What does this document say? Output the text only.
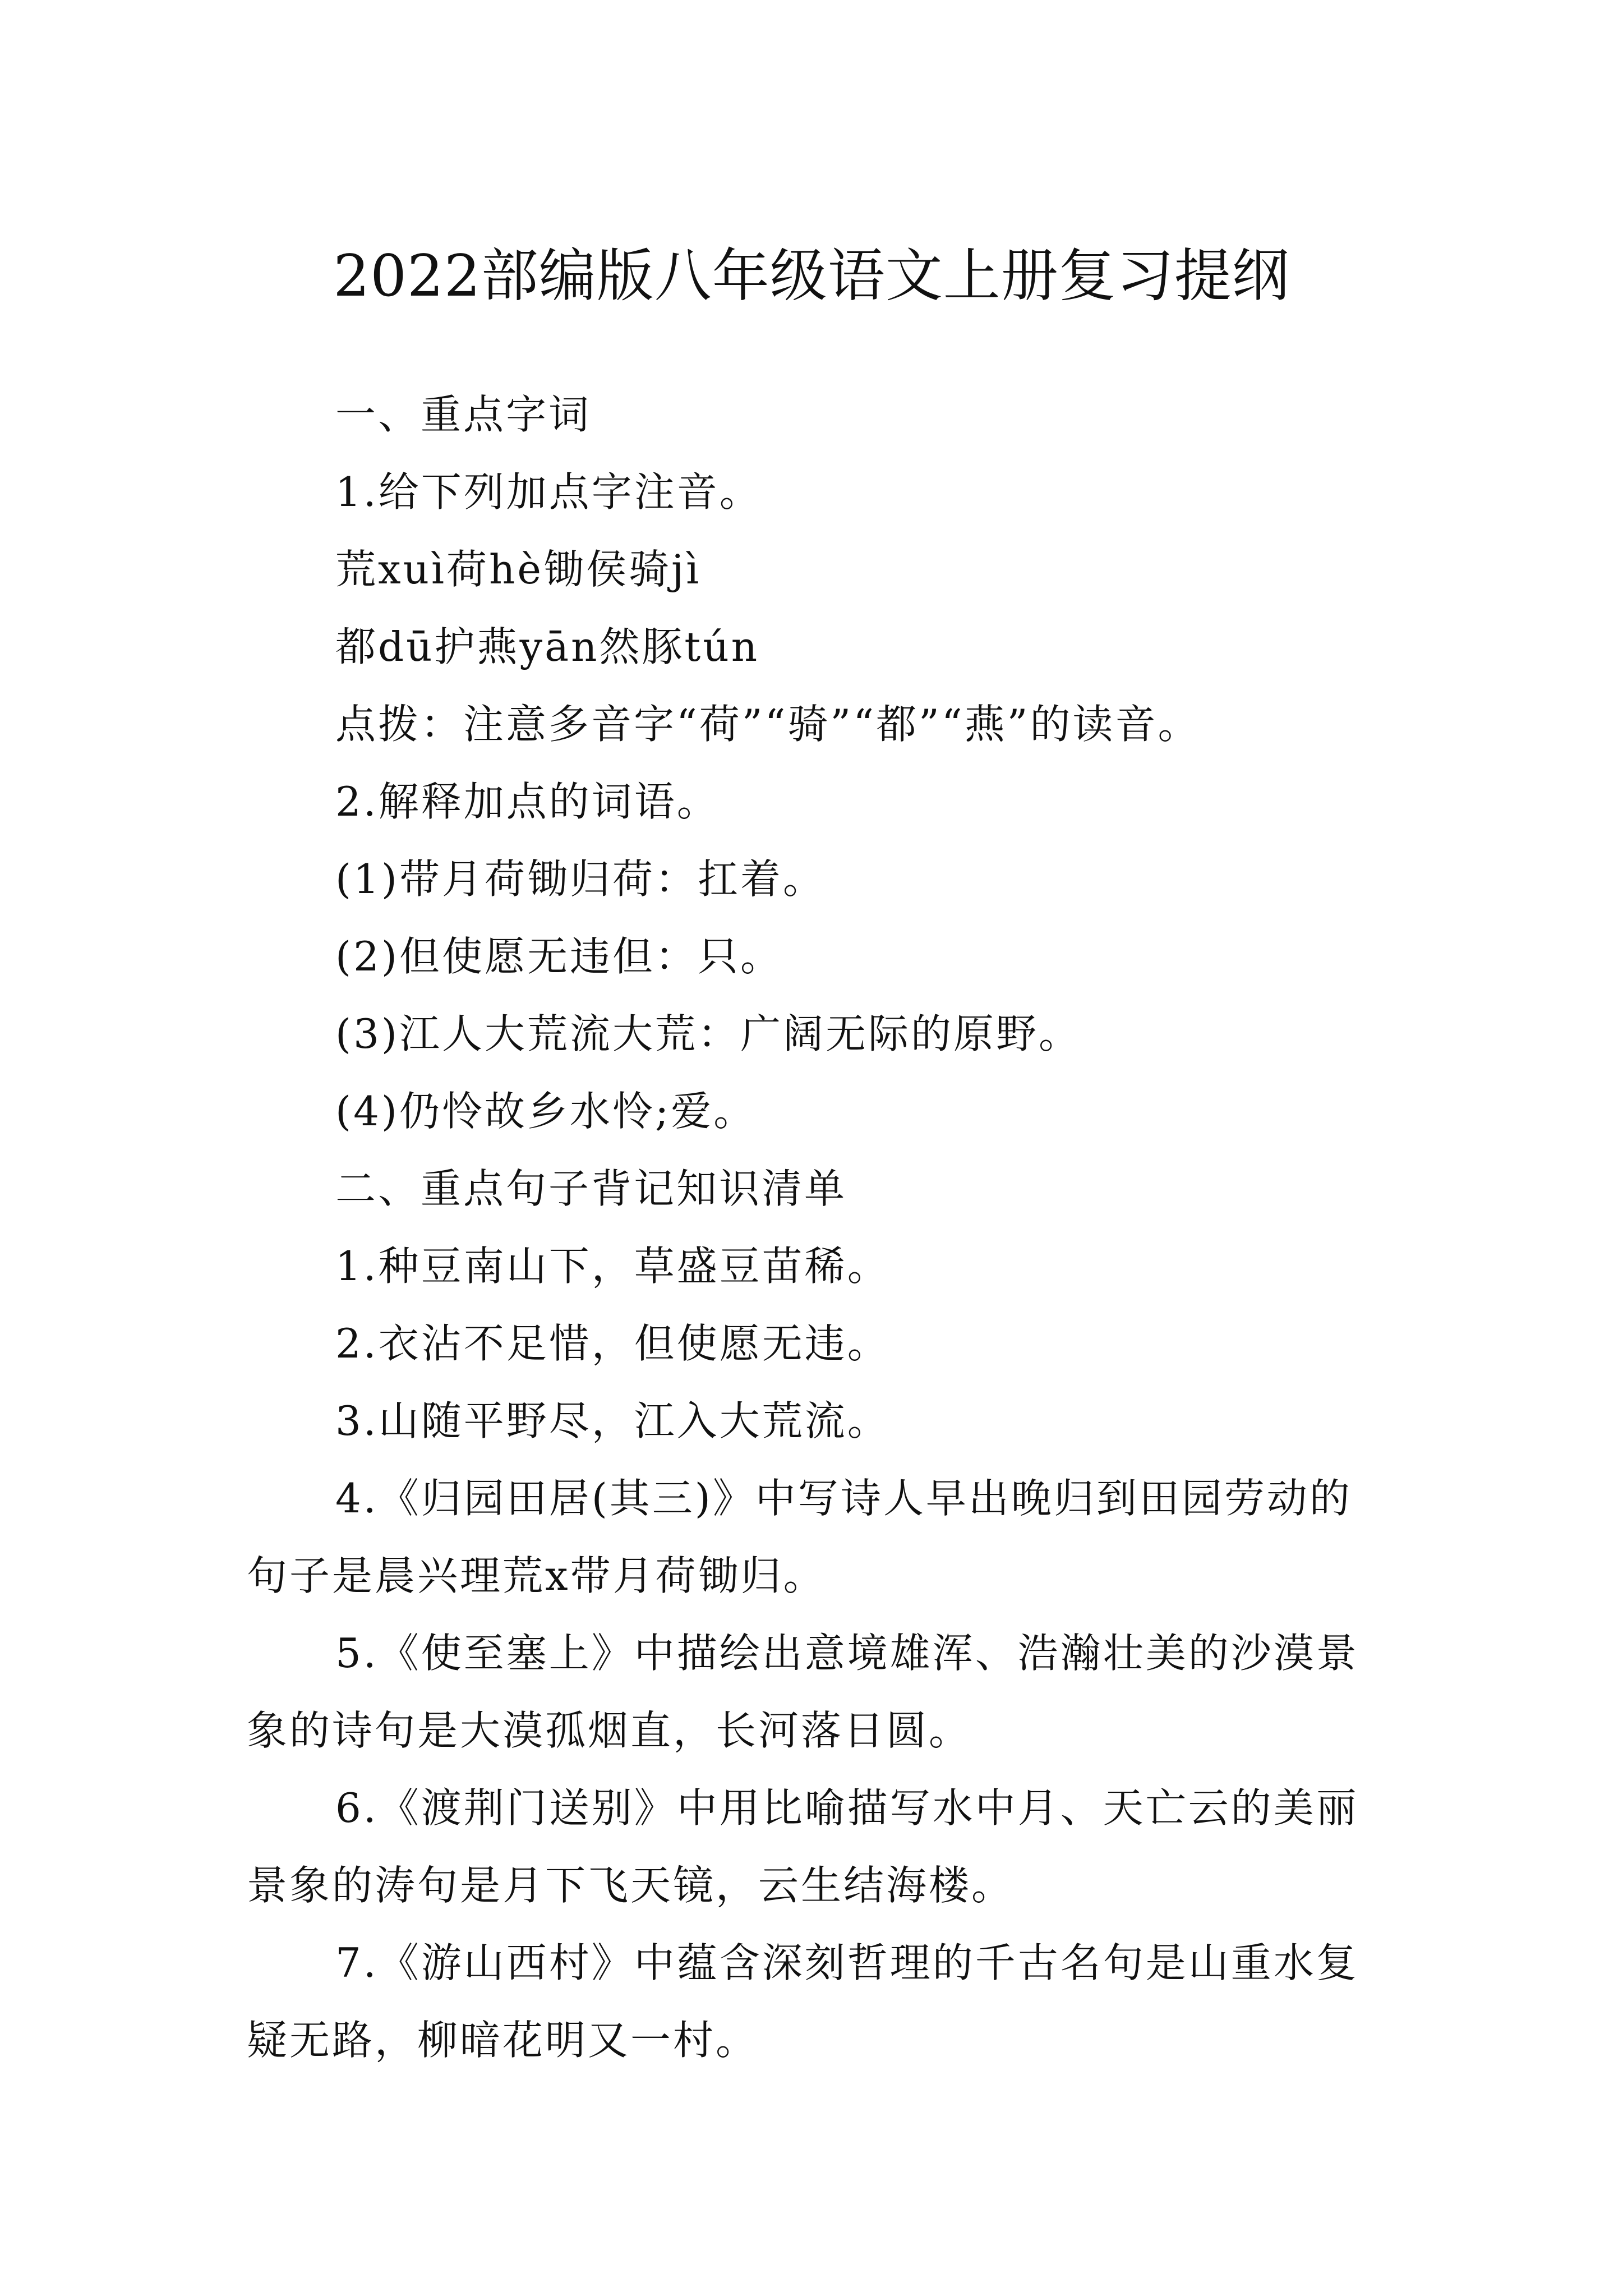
2022部编版八年级语文上册复习提纲

一、重点字词

1.给下列加点字注音。

荒xuì荷hè锄侯骑jì

都dū护燕yān然豚tún

点拨：注意多音字“荷”“骑”“都”“燕”的读音。

2.解释加点的词语。

(1)带月荷锄归荷：扛着。

(2)但使愿无违但：只。

(3)江人大荒流大荒：广阔无际的原野。

(4)仍怜故乡水怜;爱。

二、重点句子背记知识清单

1.种豆南山下，草盛豆苗稀。

2.衣沾不足惜，但使愿无违。

3.山随平野尽，江入大荒流。

4.《归园田居(其三)》中写诗人早出晚归到田园劳动的句子是晨兴理荒x带月荷锄归。

5.《使至塞上》中描绘出意境雄浑、浩瀚壮美的沙漠景象的诗句是大漠孤烟直，长河落日圆。

6.《渡荆门送别》中用比喻描写水中月、天亡云的美丽景象的涛句是月下飞天镜，云生结海楼。

7.《游山西村》中蕴含深刻哲理的千古名句是山重水复疑无路，柳暗花明又一村。
